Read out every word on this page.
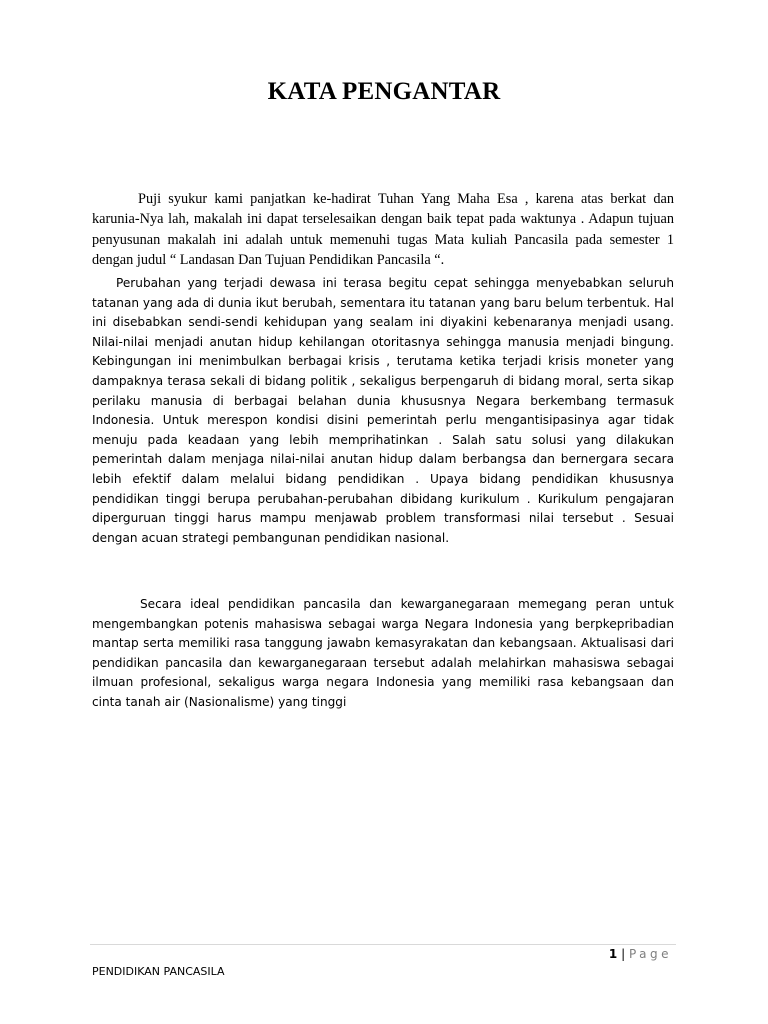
KATA PENGANTAR

Puji syukur kami panjatkan ke-hadirat Tuhan Yang Maha Esa , karena atas berkat dan karunia-Nya lah, makalah ini dapat terselesaikan dengan baik tepat pada waktunya . Adapun tujuan penyusunan makalah ini adalah untuk memenuhi tugas Mata kuliah Pancasila pada semester 1 dengan judul “ Landasan Dan Tujuan Pendidikan Pancasila “.

Perubahan yang terjadi dewasa ini terasa begitu cepat sehingga menyebabkan seluruh tatanan yang ada di dunia ikut berubah, sementara itu tatanan yang baru belum terbentuk. Hal ini disebabkan sendi-sendi kehidupan yang sealam ini diyakini kebenaranya menjadi usang. Nilai-nilai menjadi anutan hidup kehilangan otoritasnya sehingga manusia menjadi bingung. Kebingungan ini menimbulkan berbagai krisis , terutama ketika terjadi krisis moneter yang dampaknya terasa sekali di bidang politik , sekaligus berpengaruh di bidang moral, serta sikap perilaku manusia di berbagai belahan dunia khususnya Negara berkembang termasuk Indonesia. Untuk merespon kondisi disini pemerintah perlu mengantisipasinya agar tidak menuju pada keadaan yang lebih memprihatinkan . Salah satu solusi yang dilakukan pemerintah dalam menjaga nilai-nilai anutan hidup dalam berbangsa dan bernergara secara lebih efektif dalam melalui bidang pendidikan . Upaya bidang pendidikan khususnya pendidikan tinggi berupa perubahan-perubahan dibidang kurikulum . Kurikulum pengajaran diperguruan tinggi harus mampu menjawab problem transformasi nilai tersebut . Sesuai dengan acuan strategi pembangunan pendidikan nasional.

Secara ideal pendidikan pancasila dan kewarganegaraan memegang peran untuk mengembangkan potenis mahasiswa sebagai warga Negara Indonesia yang berpkepribadian mantap serta memiliki rasa tanggung jawabn kemasyrakatan dan kebangsaan. Aktualisasi dari pendidikan pancasila dan kewarganegaraan tersebut adalah melahirkan mahasiswa sebagai ilmuan profesional, sekaligus warga negara Indonesia yang memiliki rasa kebangsaan dan cinta tanah air (Nasionalisme) yang tinggi

1 | Page
PENDIDIKAN PANCASILA
